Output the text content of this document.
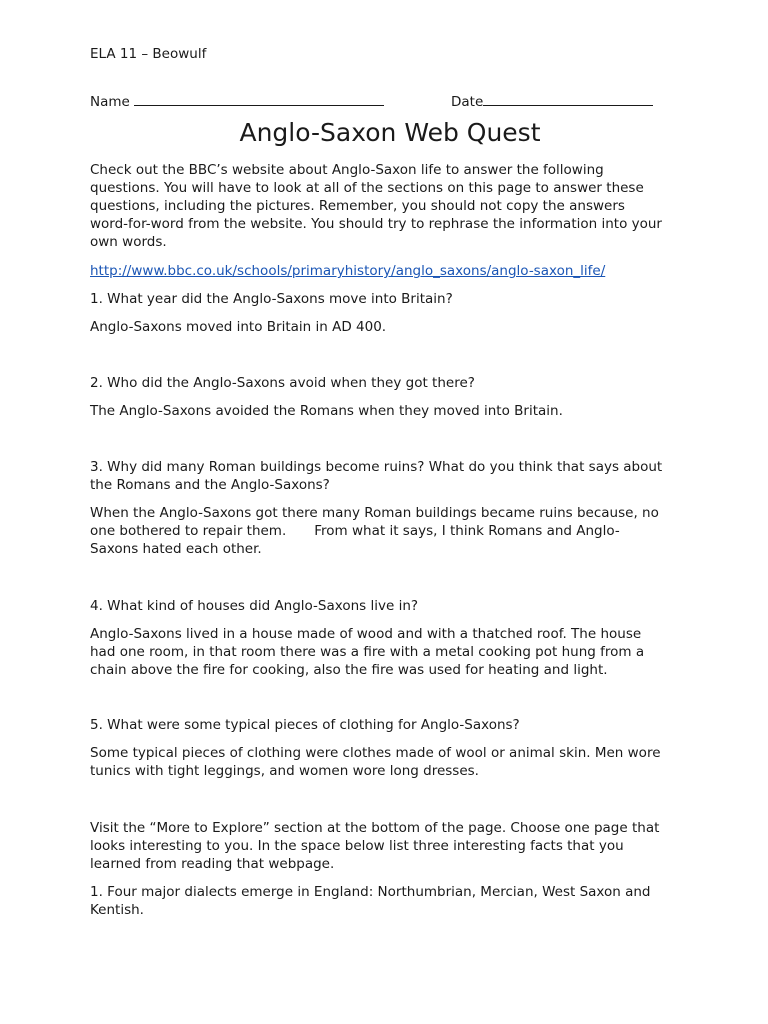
ELA 11 – Beowulf
Name	Date
Anglo-Saxon Web Quest
Check out the BBC’s website about Anglo-Saxon life to answer the following
questions. You will have to look at all of the sections on this page to answer these
questions, including the pictures. Remember, you should not copy the answers
word-for-word from the website. You should try to rephrase the information into your
own words.
http://www.bbc.co.uk/schools/primaryhistory/anglo_saxons/anglo-saxon_life/
1. What year did the Anglo-Saxons move into Britain?
Anglo-Saxons moved into Britain in AD 400.
2. Who did the Anglo-Saxons avoid when they got there?
The Anglo-Saxons avoided the Romans when they moved into Britain.
3. Why did many Roman buildings become ruins? What do you think that says about
the Romans and the Anglo-Saxons?
When the Anglo-Saxons got there many Roman buildings became ruins because, no
one bothered to repair them. From what it says, I think Romans and Anglo-
Saxons hated each other.
4. What kind of houses did Anglo-Saxons live in?
Anglo-Saxons lived in a house made of wood and with a thatched roof. The house
had one room, in that room there was a fire with a metal cooking pot hung from a
chain above the fire for cooking, also the fire was used for heating and light.
5. What were some typical pieces of clothing for Anglo-Saxons?
Some typical pieces of clothing were clothes made of wool or animal skin. Men wore
tunics with tight leggings, and women wore long dresses.
Visit the “More to Explore” section at the bottom of the page. Choose one page that
looks interesting to you. In the space below list three interesting facts that you
learned from reading that webpage.
1. Four major dialects emerge in England: Northumbrian, Mercian, West Saxon and
Kentish.
